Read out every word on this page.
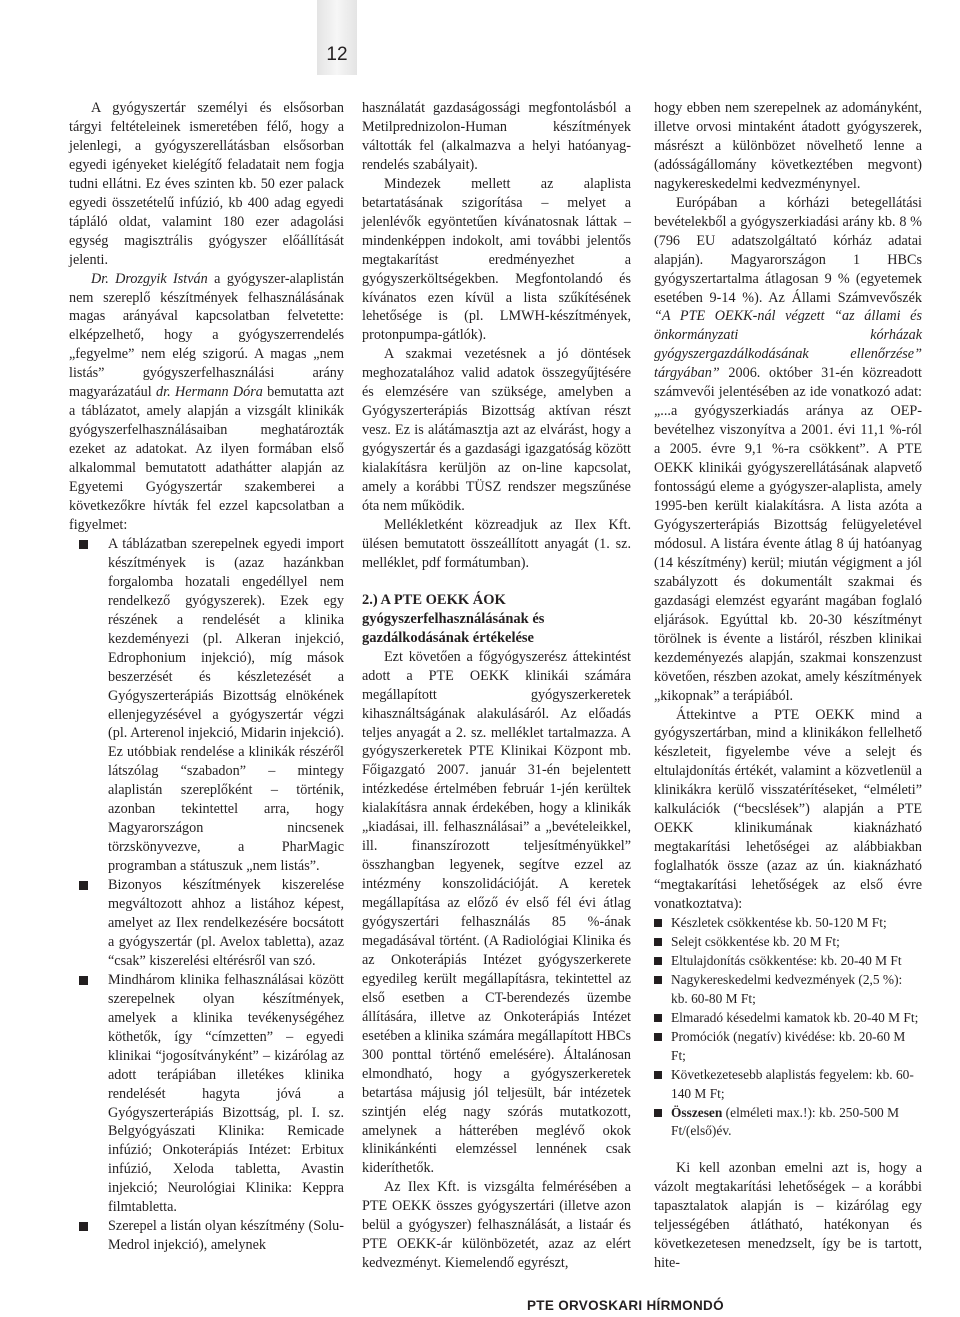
12

A gyógyszertár személyi és elsősorban tárgyi feltételeinek ismeretében félő, hogy a jelenlegi, a gyógyszerellátásban elsősorban egyedi igényeket kielégítő feladatait nem fogja tudni ellátni. Ez éves szinten kb. 50 ezer palack egyedi összetételű infúzió, kb 400 adag egyedi tápláló oldat, valamint 180 ezer adagolási egység magisztrális gyógyszer előállítását jelenti.

Dr. Drozgyik István a gyógyszer-alaplistán nem szereplő készítmények felhasználásának magas arányával kapcsolatban felvetette: elképzelhető, hogy a gyógyszerrendelés „fegyelme” nem elég szigorú. A magas „nem listás” gyógyszerfelhasználási arány magyarázatául dr. Hermann Dóra bemutatta azt a táblázatot, amely alapján a vizsgált klinikák gyógyszerfelhasználásaiban meghatározták ezeket az adatokat. Az ilyen formában első alkalommal bemutatott adathátter alapján az Egyetemi Gyógyszertár szakemberei a következőkre hívták fel ezzel kapcsolatban a figyelmet:

A táblázatban szerepelnek egyedi import készítmények is (azaz hazánkban forgalomba hozatali engedéllyel nem rendelkező gyógyszerek). Ezek egy részének a rendelését a klinika kezdeményezi (pl. Alkeran injekció, Edrophonium injekció), míg mások beszerzését és készletezését a Gyógyszerterápiás Bizottság elnökének ellenjegyzésével a gyógyszertár végzi (pl. Arterenol injekció, Midarin injekció). Ez utóbbiak rendelése a klinikák részéről látszólag “szabadon” – mintegy alaplistán szereplőként – történik, azonban tekintettel arra, hogy Magyarországon nincsenek törzskönyvezve, a PharMagic programban a státuszuk „nem listás”.
Bizonyos készítmények kiszerelése megváltozott ahhoz a listához képest, amelyet az Ilex rendelkezésére bocsátott a gyógyszertár (pl. Avelox tabletta), azaz “csak” kiszerelési eltérésről van szó.
Mindhárom klinika felhasználásai között szerepelnek olyan készítmények, amelyek a klinika tevékenységéhez köthetők, így “címzetten” – egyedi klinikai “jogosítványként” – kizárólag az adott terápiában illetékes klinika rendelését hagyta jóvá a Gyógyszerterápiás Bizottság, pl. I. sz. Belgyógyászati Klinika: Remicade infúzió; Onkoterápiás Intézet: Erbitux infúzió, Xeloda tabletta, Avastin injekció; Neurológiai Klinika: Keppra filmtabletta.
Szerepel a listán olyan készítmény (Solu-Medrol injekció), amelynek

használatát gazdaságossági megfontolásból a Metilprednizolon-Human készítmények váltották fel (alkalmazva a helyi hatóanyag-rendelés szabályait).

Mindezek mellett az alaplista betartatásának szigorítása – melyet a jelenlévők egyöntetűen kívánatosnak láttak – mindenképpen indokolt, ami további jelentős megtakarítást eredményezhet a gyógyszerköltségekben. Megfontolandó és kívánatos ezen kívül a lista szűkítésének lehetősége is (pl. LMWH-készítmények, protonpumpa-gátlók).

A szakmai vezetésnek a jó döntések meghozatalához valid adatok összegyűjtésére és elemzésére van szüksége, amelyben a Gyógyszerterápiás Bizottság aktívan részt vesz. Ez is alátámasztja azt az elvárást, hogy a gyógyszertár és a gazdasági igazgatóság között kialakításra kerüljön az on-line kapcsolat, amely a korábbi TÜSZ rendszer megszűnése óta nem működik.

Mellékletként közreadjuk az Ilex Kft. ülésen bemutatott összeállított anyagát (1. sz. melléklet, pdf formátumban).

2.) A PTE OEKK ÁOK gyógyszerfelhasználásának és gazdálkodásának értékelése

Ezt követően a főgyógyszerész áttekintést adott a PTE OEKK klinikái számára megállapított gyógyszerkeretek kihasználtságának alakulásáról. Az előadás teljes anyagát a 2. sz. melléklet tartalmazza. A gyógyszerkeretek PTE Klinikai Központ mb. Főigazgató 2007. január 31-én bejelentett intézkedése értelmében február 1-jén kerültek kialakításra annak érdekében, hogy a klinikák „kiadásai, ill. felhasználásai” a „bevételeikkel, ill. finanszírozott teljesítményükkel” összhangban legyenek, segítve ezzel az intézmény konszolidációját. A keretek megállapítása az előző év első fél évi átlag gyógyszertári felhasználás 85 %-ának megadásával történt. (A Radiológiai Klinika és az Onkoterápiás Intézet gyógyszerkerete egyedileg került megállapításra, tekintettel az első esetben a CT-berendezés üzembe állítására, illetve az Onkoterápiás Intézet esetében a klinika számára megállapított HBCs 300 ponttal történő emelésére). Általánosan elmondható, hogy a gyógyszerkeretek betartása májusig jól teljesült, bár intézetek szintjén elég nagy szórás mutatkozott, amelynek a hátterében meglévő okok klinikánkénti elemzéssel lennének csak kideríthetők.

Az Ilex Kft. is vizsgálta felmérésében a PTE OEKK összes gyógyszertári (illetve azon belül a gyógyszer) felhasználását, a listaár és PTE OEKK-ár különbözetét, azaz az elért kedvezményt. Kiemelendő egyrészt,

hogy ebben nem szerepelnek az adományként, illetve orvosi mintaként átadott gyógyszerek, másrészt a különbözet növelhető lenne a (adósságállomány következtében megvont) nagykereskedelmi kedvezménynyel.

Európában a kórházi betegellátási bevételekből a gyógyszerkiadási arány kb. 8 % (796 EU adatszolgáltató kórház adatai alapján). Magyarországon 1 HBCs gyógyszertartalma átlagosan 9 % (egyetemek esetében 9-14 %). Az Állami Számvevőszék “A PTE OEKK-nál végzett “az állami és önkormányzati kórházak gyógyszergazdálkodásának ellenőrzése” tárgyában” 2006. október 31-én közreadott számvevői jelentésében az ide vonatkozó adat: „...a gyógyszerkiadás aránya az OEP-bevételhez viszonyítva a 2001. évi 11,1 %-ról a 2005. évre 9,1 %-ra csökkent”. A PTE OEKK klinikái gyógyszerellátásának alapvető fontosságú eleme a gyógyszer-alaplista, amely 1995-ben került kialakításra. A lista azóta a Gyógyszerterápiás Bizottság felügyeletével módosul. A listára évente átlag 8 új hatóanyag (14 készítmény) kerül; miután végigment a jól szabályzott és dokumentált szakmai és gazdasági elemzést egyaránt magában foglaló eljárások. Egyúttal kb. 20-30 készítményt törölnek is évente a listáról, részben klinikai kezdeményezés alapján, szakmai konszenzust követően, részben azokat, amely készítmények „kikopnak” a terápiából.

Áttekintve a PTE OEKK mind a gyógyszertárban, mind a klinikákon fellelhető készleteit, figyelembe véve a selejt és eltulajdonítás értékét, valamint a közvetlenül a klinikákra kerülő visszatérítéseket, “elméleti” kalkulációk (“becslések”) alapján a PTE OEKK klinikumának kiaknázható megtakarítási lehetőségei az alábbiakban foglalhatók össze (azaz az ún. kiaknázható “megtakarítási lehetőségek az első évre vonatkoztatva):

Készletek csökkentése kb. 50-120 M Ft;
Selejt csökkentése kb. 20 M Ft;
Eltulajdonítás csökkentése: kb. 20-40 M Ft
Nagykereskedelmi kedvezmények (2,5 %): kb. 60-80 M Ft;
Elmaradó késedelmi kamatok kb. 20-40 M Ft;
Promóciók (negatív) kivédése: kb. 20-60 M Ft;
Következetesebb alaplistás fegyelem: kb. 60-140 M Ft;
Összesen (elméleti max.!): kb. 250-500 M Ft/(első)év.

Ki kell azonban emelni azt is, hogy a vázolt megtakarítási lehetőségek – a korábbi tapasztalatok alapján is – kizárólag egy teljességében átlátható, hatékonyan és következetesen menedzselt, így be is tartott, hite-

PTE ORVOSKARI HÍRMONDÓ
